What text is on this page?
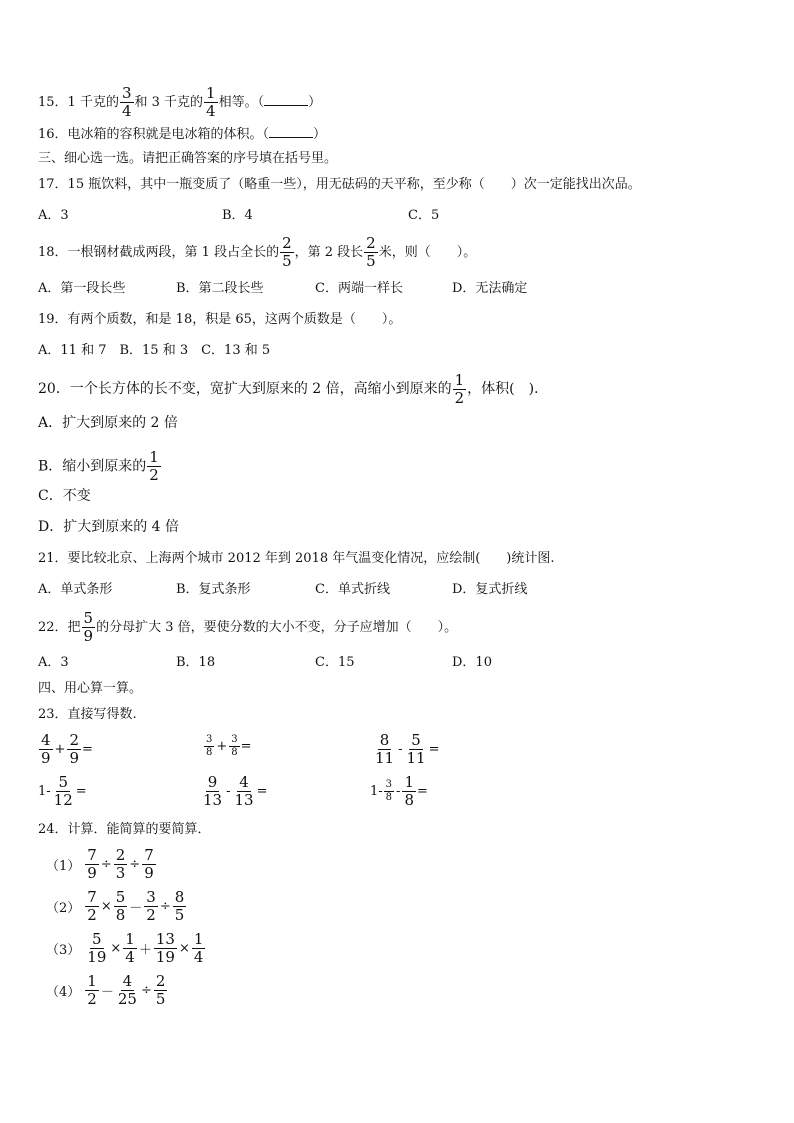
15．1 千克的 $\frac{3}{4}$ 和 3 千克的 $\frac{1}{4}$ 相等。（	）
16．电冰箱的容积就是电冰箱的体积。（	）
三、细心选一选。请把正确答案的序号填在括号里。
17．15 瓶饮料，其中一瓶变质了（略重一些），用无砝码的天平称，至少称（　　）次一定能找出次品。
A．3	B．4	C．5
18．一根钢材截成两段，第 1 段占全长的 $\frac{2}{5}$ ，第 2 段长 $\frac{2}{5}$ 米，则（　　）。
A．第一段长些	B．第二段长些	C．两端一样长	D．无法确定
19．有两个质数，和是 18，积是 65，这两个质数是（　　）。
A．11 和 7　B．15 和 3　C．13 和 5
20．一个长方体的长不变，宽扩大到原来的 2 倍，高缩小到原来的 $\frac{1}{2}$ ，体积(　)．
A．扩大到原来的 2 倍
B．缩小到原来的 $\frac{1}{2}$
C．不变
D．扩大到原来的 4 倍
21．要比较北京、上海两个城市 2012 年到 2018 年气温变化情况，应绘制(　　)统计图.
A．单式条形	B．复式条形	C．单式折线	D．复式折线
22．把 $\frac{5}{9}$ 的分母扩大 3 倍，要使分数的大小不变，分子应增加（　　）。
A．3	B．18	C．15	D．10
四、用心算一算。
23．直接写得数.
$\frac{4}{9} + \frac{2}{9}$ =	$\frac{3}{8} + \frac{3}{8}$ =	$\frac{8}{11} - \frac{5}{11}$ =
$1- \frac{5}{12}$ =	$\frac{9}{13} - \frac{4}{13}$ =	$1- \frac{3}{8} - \frac{1}{8}$ =
24．计算．能简算的要简算．
$(1) \frac{7}{9} \div \frac{2}{3} \div \frac{7}{9}$
$(2) \frac{7}{2} \times \frac{5}{8} - \frac{3}{2} \div \frac{8}{5}$
$(3) \frac{5}{19} \times \frac{1}{4} + \frac{13}{19} \times \frac{1}{4}$
$(4) \frac{1}{2} - \frac{4}{25} \div \frac{2}{5}$
